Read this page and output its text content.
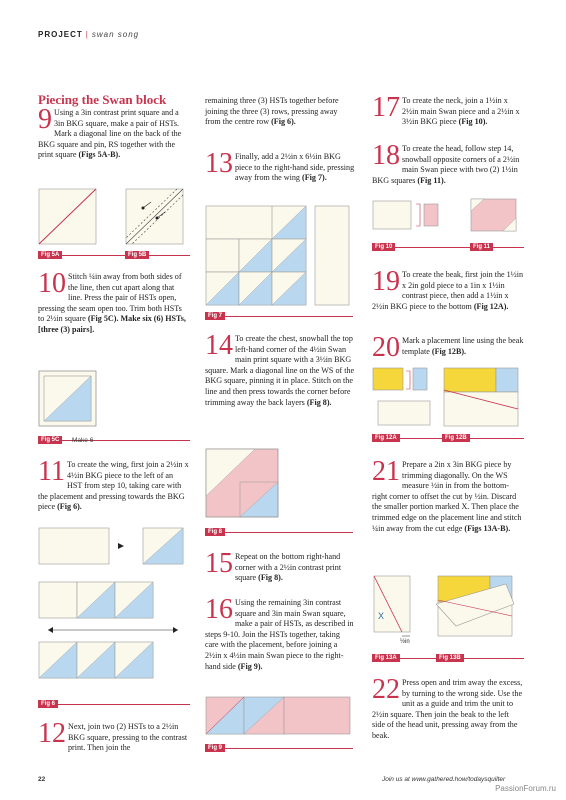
PROJECT | swan song
Piecing the Swan block
9 Using a 3in contrast print square and a 3in BKG square, make a pair of HSTs. Mark a diagonal line on the back of the BKG square and pin, RS together with the print square (Figs 5A-B).
Fig 5A	Fig 5B
10 Stitch ¼in away from both sides of the line, then cut apart along that line. Press the pair of HSTs open, pressing the seam open too. Trim both HSTs to 2½in square (Fig 5C). Make six (6) HSTs, [three (3) pairs].
Fig 5C	Make 6
11 To create the wing, first join a 2½in x 4½in BKG piece to the left of an HST from step 10, taking care with the placement and pressing towards the BKG piece (Fig 6).
Fig 6
12 Next, join two (2) HSTs to a 2½in BKG square, pressing to the contrast print. Then join the
remaining three (3) HSTs together before joining the three (3) rows, pressing away from the centre row (Fig 6).
13 Finally, add a 2½in x 6½in BKG piece to the right-hand side, pressing away from the wing (Fig 7).
Fig 7
14 To create the chest, snowball the top left-hand corner of the 4½in Swan main print square with a 3½in BKG square. Mark a diagonal line on the WS of the BKG square, pinning it in place. Stitch on the line and then press towards the corner before trimming away the back layers (Fig 8).
Fig 8
15 Repeat on the bottom right-hand corner with a 2½in contrast print square (Fig 8).
16 Using the remaining 3in contrast square and 3in main Swan square, make a pair of HSTs, as described in steps 9-10. Join the HSTs together, taking care with the placement, before joining a 2½in x 4½in main Swan piece to the right-hand side (Fig 9).
Fig 9
17 To create the neck, join a 1½in x 2½in main Swan piece and a 2½in x 3½in BKG piece (Fig 10).
18 To create the head, follow step 14, snowball opposite corners of a 2½in main Swan piece with two (2) 1½in BKG squares (Fig 11).
Fig 10	Fig 11
19 To create the beak, first join the 1½in x 2in gold piece to a 1in x 1½in contrast piece, then add a 1½in x 2½in BKG piece to the bottom (Fig 12A).
20 Mark a placement line using the beak template (Fig 12B).
Fig 12A	Fig 12B
21 Prepare a 2in x 3in BKG piece by trimming diagonally. On the WS measure ½in in from the bottom-right corner to offset the cut by ½in. Discard the smaller portion marked X. Then place the trimmed edge on the placement line and stitch ¼in away from the cut edge (Figs 13A-B).
X
½in
Fig 13A	Fig 13B
22 Press open and trim away the excess, by turning to the wrong side. Use the unit as a guide and trim the unit to 2½in square. Then join the beak to the left side of the head unit, pressing away from the beak.
22	Join us at www.gathered.how/todaysquilter
PassionForum.ru
